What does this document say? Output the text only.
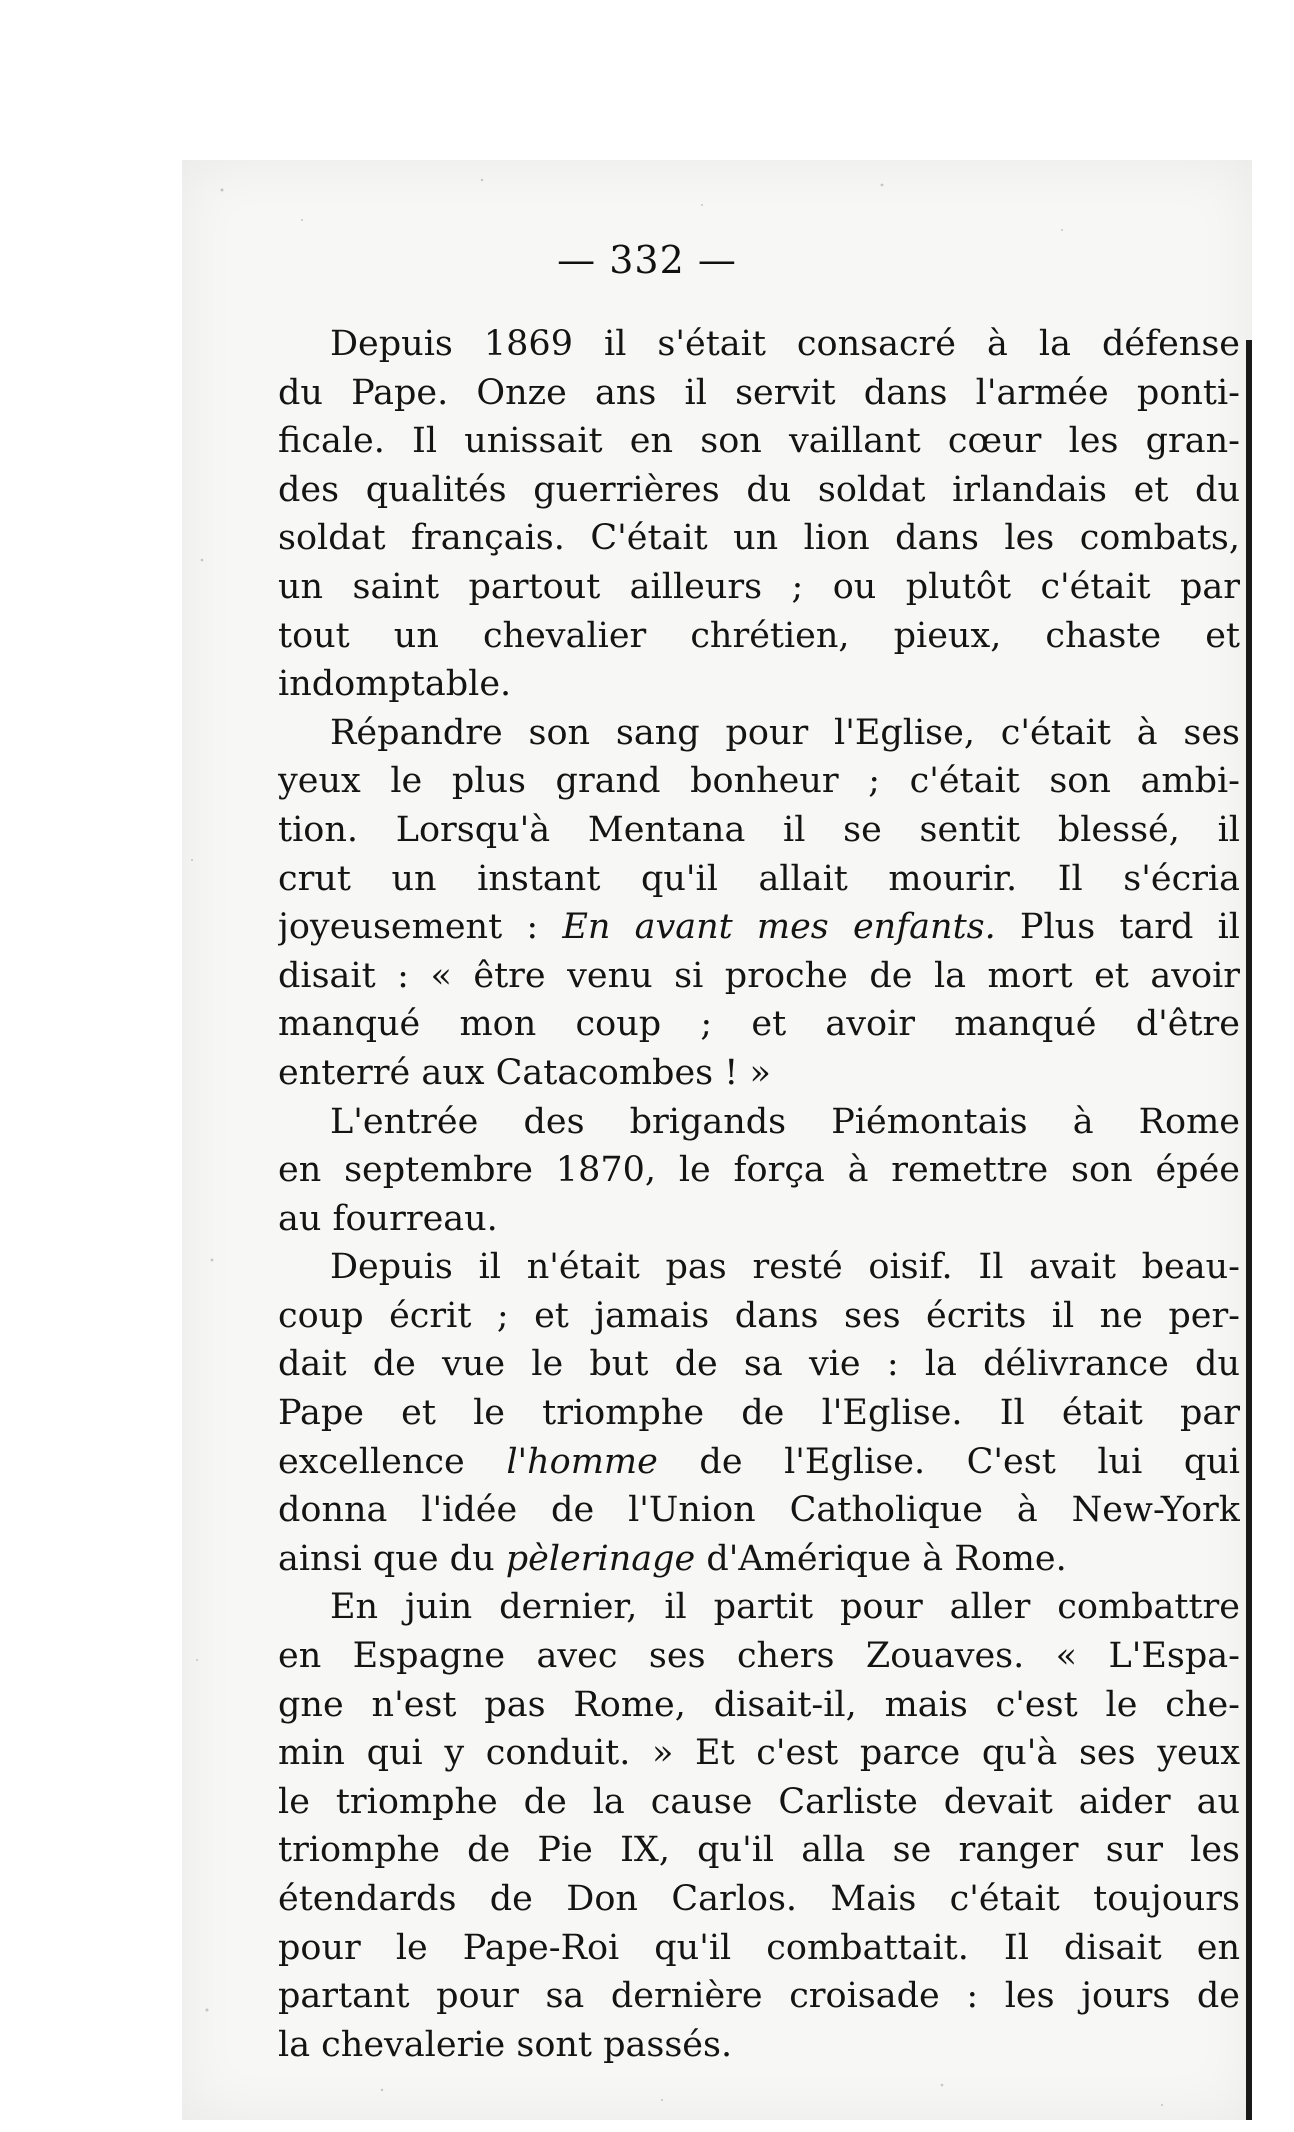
— 332 —
Depuis 1869 il s'était consacré à la défense
du Pape. Onze ans il servit dans l'armée ponti-
ficale. Il unissait en son vaillant cœur les gran-
des qualités guerrières du soldat irlandais et du
soldat français. C'était un lion dans les combats,
un saint partout ailleurs ; ou plutôt c'était par
tout un chevalier chrétien, pieux, chaste et
indomptable.
Répandre son sang pour l'Eglise, c'était à ses
yeux le plus grand bonheur ; c'était son ambi-
tion. Lorsqu'à Mentana il se sentit blessé, il
crut un instant qu'il allait mourir. Il s'écria
joyeusement : En avant mes enfants. Plus tard il
disait : « être venu si proche de la mort et avoir
manqué mon coup ; et avoir manqué d'être
enterré aux Catacombes ! »
L'entrée des brigands Piémontais à Rome
en septembre 1870, le força à remettre son épée
au fourreau.
Depuis il n'était pas resté oisif. Il avait beau-
coup écrit ; et jamais dans ses écrits il ne per-
dait de vue le but de sa vie : la délivrance du
Pape et le triomphe de l'Eglise. Il était par
excellence l'homme de l'Eglise. C'est lui qui
donna l'idée de l'Union Catholique à New-York
ainsi que du pèlerinage d'Amérique à Rome.
En juin dernier, il partit pour aller combattre
en Espagne avec ses chers Zouaves. « L'Espa-
gne n'est pas Rome, disait-il, mais c'est le che-
min qui y conduit. » Et c'est parce qu'à ses yeux
le triomphe de la cause Carliste devait aider au
triomphe de Pie IX, qu'il alla se ranger sur les
étendards de Don Carlos. Mais c'était toujours
pour le Pape-Roi qu'il combattait. Il disait en
partant pour sa dernière croisade : les jours de
la chevalerie sont passés.
